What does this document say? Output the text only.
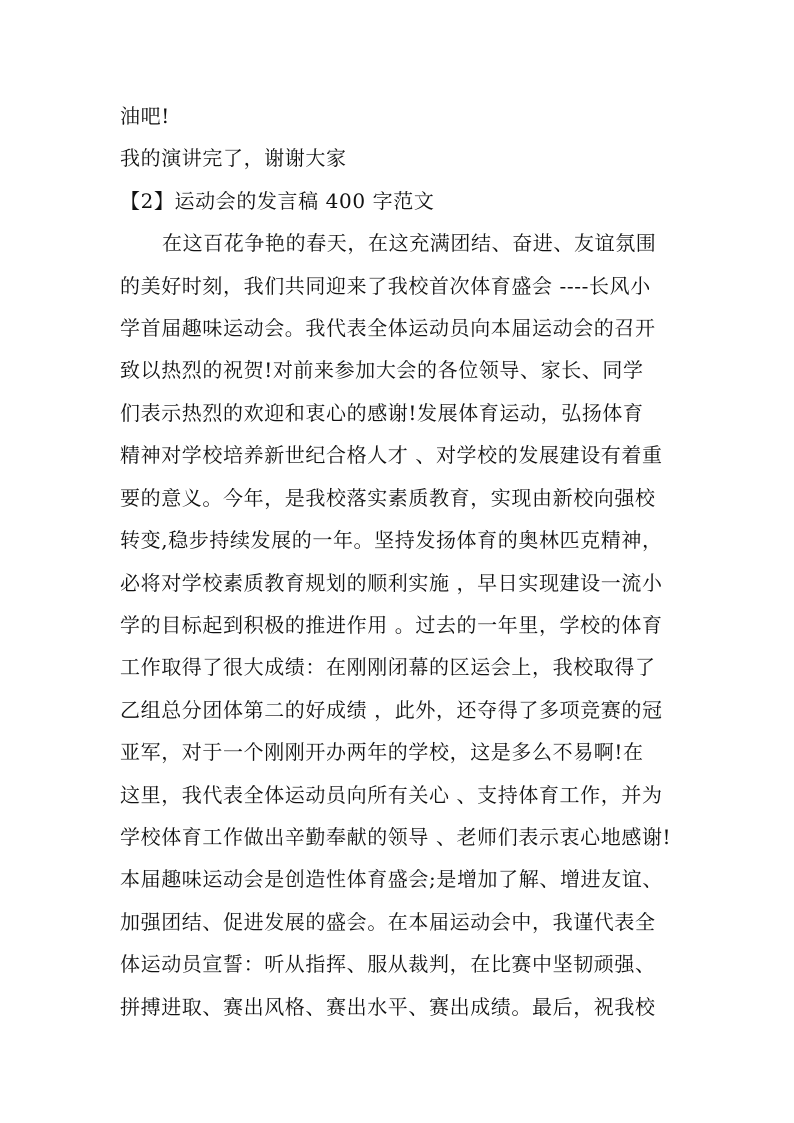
油吧!
我的演讲完了，谢谢大家
【2】运动会的发言稿 400 字范文
在这百花争艳的春天，在这充满团结、奋进、友谊氛围
的美好时刻，我们共同迎来了我校首次体育盛会 ----长风小
学首届趣味运动会。我代表全体运动员向本届运动会的召开
致以热烈的祝贺!对前来参加大会的各位领导、家长、同学
们表示热烈的欢迎和衷心的感谢!发展体育运动，弘扬体育
精神对学校培养新世纪合格人才 、对学校的发展建设有着重
要的意义。今年，是我校落实素质教育，实现由新校向强校
转变,稳步持续发展的一年。坚持发扬体育的奥林匹克精神，
必将对学校素质教育规划的顺利实施 ，早日实现建设一流小
学的目标起到积极的推进作用 。过去的一年里，学校的体育
工作取得了很大成绩：在刚刚闭幕的区运会上，我校取得了
乙组总分团体第二的好成绩 ，此外，还夺得了多项竞赛的冠
亚军，对于一个刚刚开办两年的学校，这是多么不易啊!在
这里，我代表全体运动员向所有关心 、支持体育工作，并为
学校体育工作做出辛勤奉献的领导 、老师们表示衷心地感谢!
本届趣味运动会是创造性体育盛会;是增加了解、增进友谊、
加强团结、促进发展的盛会。在本届运动会中，我谨代表全
体运动员宣誓：听从指挥、服从裁判，在比赛中坚韧顽强、
拼搏进取、赛出风格、赛出水平、赛出成绩。最后，祝我校
